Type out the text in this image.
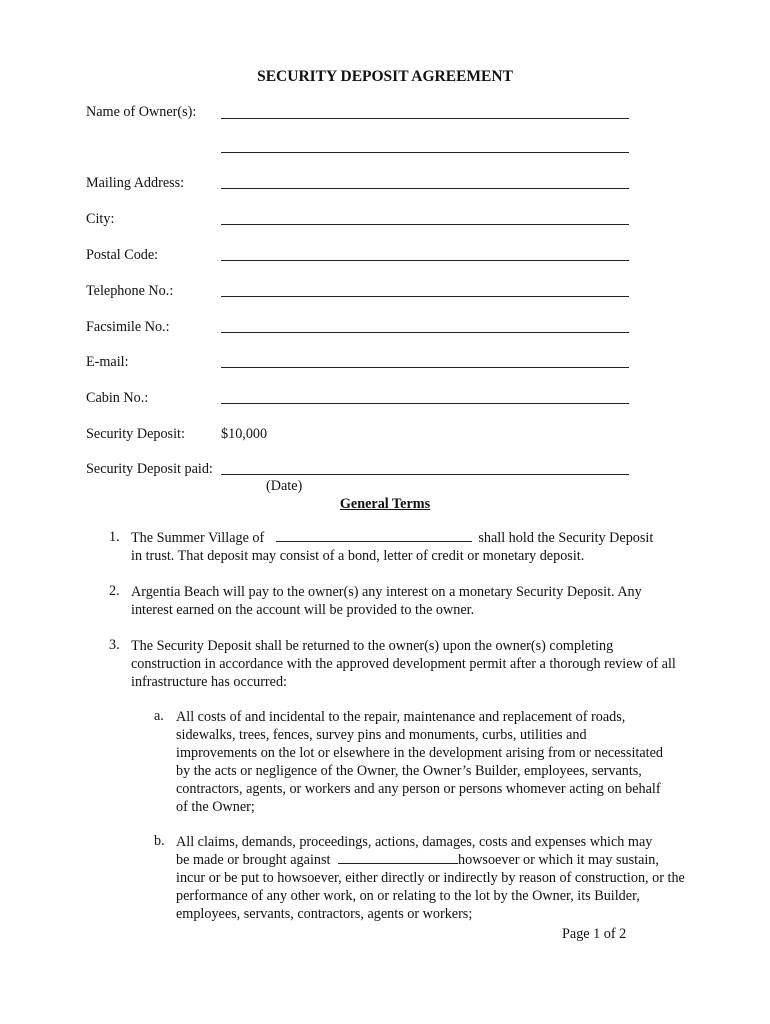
SECURITY DEPOSIT AGREEMENT
Name of Owner(s):
Mailing Address:
City:
Postal Code:
Telephone No.:
Facsimile No.:
E-mail:
Cabin No.:
Security Deposit:	$10,000
Security Deposit paid:
(Date)
General Terms
1. The Summer Village of	shall hold the Security Deposit
in trust. That deposit may consist of a bond, letter of credit or monetary deposit.
2. Argentia Beach will pay to the owner(s) any interest on a monetary Security Deposit. Any interest earned on the account will be provided to the owner.
3. The Security Deposit shall be returned to the owner(s) upon the owner(s) completing construction in accordance with the approved development permit after a thorough review of all infrastructure has occurred:
a. All costs of and incidental to the repair, maintenance and replacement of roads, sidewalks, trees, fences, survey pins and monuments, curbs, utilities and improvements on the lot or elsewhere in the development arising from or necessitated by the acts or negligence of the Owner, the Owner’s Builder, employees, servants, contractors, agents, or workers and any person or persons whomever acting on behalf of the Owner;
b. All claims, demands, proceedings, actions, damages, costs and expenses which may
be made or brought against	howsoever or which it may sustain,
incur or be put to howsoever, either directly or indirectly by reason of construction, or the performance of any other work, on or relating to the lot by the Owner, its Builder, employees, servants, contractors, agents or workers;
Page 1 of 2
